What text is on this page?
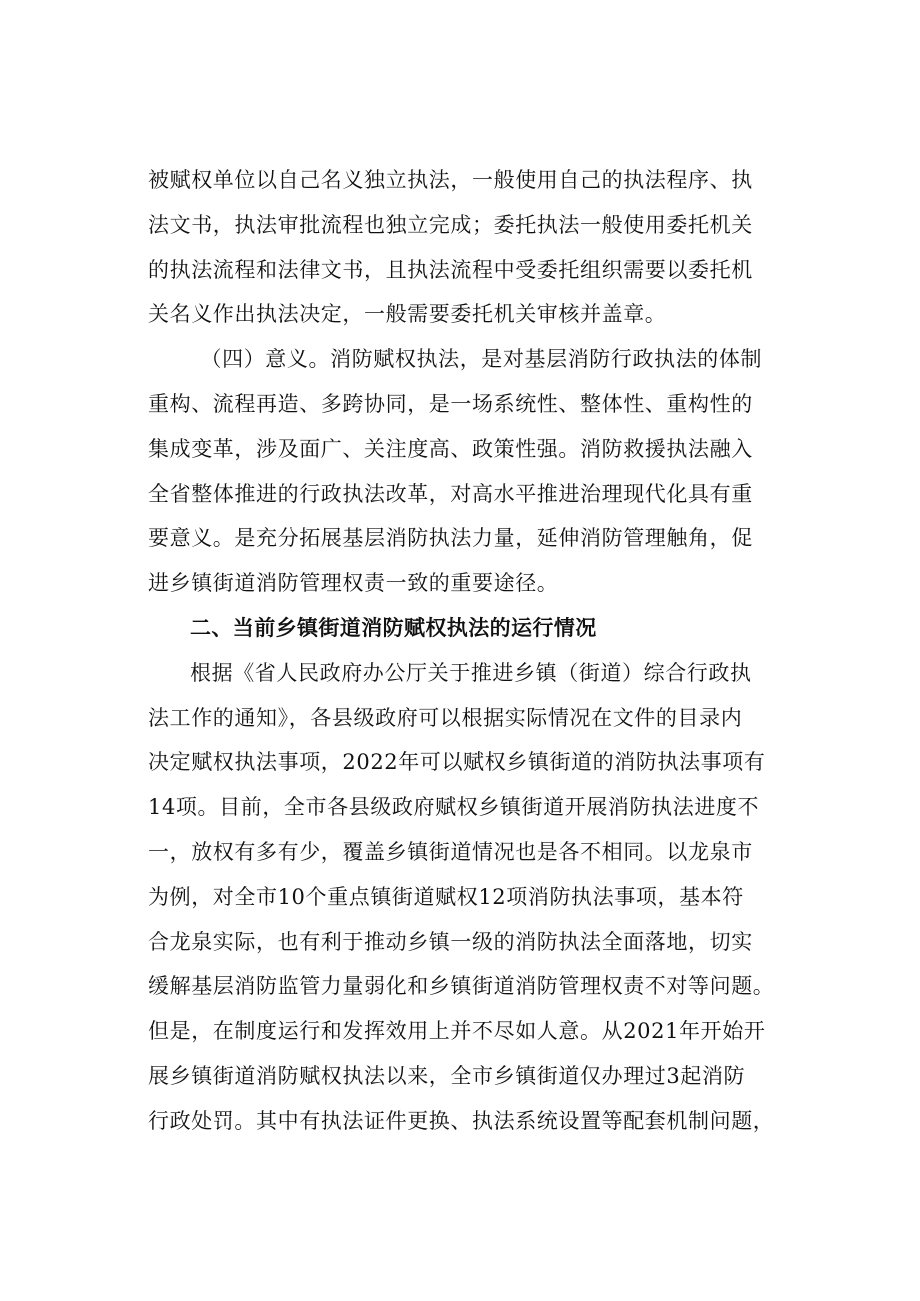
被赋权单位以自己名义独立执法，一般使用自己的执法程序、执
法文书，执法审批流程也独立完成；委托执法一般使用委托机关
的执法流程和法律文书，且执法流程中受委托组织需要以委托机
关名义作出执法决定，一般需要委托机关审核并盖章。

（四）意义。消防赋权执法，是对基层消防行政执法的体制
重构、流程再造、多跨协同，是一场系统性、整体性、重构性的
集成变革，涉及面广、关注度高、政策性强。消防救援执法融入
全省整体推进的行政执法改革，对高水平推进治理现代化具有重
要意义。是充分拓展基层消防执法力量，延伸消防管理触角，促
进乡镇街道消防管理权责一致的重要途径。

二、当前乡镇街道消防赋权执法的运行情况

根据《省人民政府办公厅关于推进乡镇（街道）综合行政执
法工作的通知》，各县级政府可以根据实际情况在文件的目录内
决定赋权执法事项，2022年可以赋权乡镇街道的消防执法事项有
14项。目前，全市各县级政府赋权乡镇街道开展消防执法进度不
一，放权有多有少，覆盖乡镇街道情况也是各不相同。以龙泉市
为例，对全市10个重点镇街道赋权12项消防执法事项，基本符
合龙泉实际，也有利于推动乡镇一级的消防执法全面落地，切实
缓解基层消防监管力量弱化和乡镇街道消防管理权责不对等问题。
但是，在制度运行和发挥效用上并不尽如人意。从2021年开始开
展乡镇街道消防赋权执法以来，全市乡镇街道仅办理过3起消防
行政处罚。其中有执法证件更换、执法系统设置等配套机制问题，
